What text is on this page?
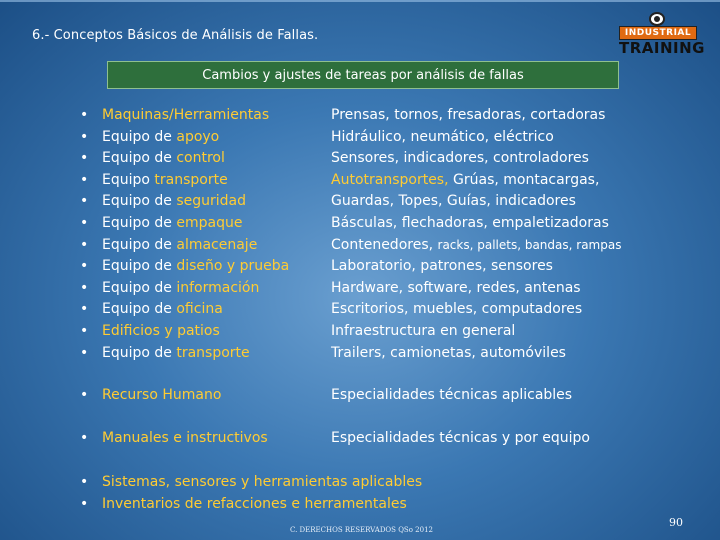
6.- Conceptos Básicos de Análisis de Fallas.	INDUSTRIAL
TRAINING
Cambios y ajustes de tareas por análisis de fallas
•
Maquinas/Herramientas	Prensas, tornos, fresadoras, cortadoras
•
Equipo de apoyo	Hidráulico, neumático, eléctrico
•
Equipo de control	Sensores, indicadores, controladores
•
Equipo transporte	Autotransportes, Grúas, montacargas,
•
Equipo de seguridad	Guardas, Topes, Guías, indicadores
•
Equipo de empaque	Básculas, flechadoras, empaletizadoras
•
Equipo de almacenaje	Contenedores, racks, pallets, bandas, rampas
•
Equipo de diseño y prueba	Laboratorio, patrones, sensores
•
Equipo de información	Hardware, software, redes, antenas
•
Equipo de oficina	Escritorios, muebles, computadores
•
Edificios y patios	Infraestructura en general
•
Equipo de transporte	Trailers, camionetas, automóviles
•
Recurso Humano	Especialidades técnicas aplicables
•
Manuales e instructivos	Especialidades técnicas y por equipo
•
Sistemas, sensores y herramientas aplicables
•
Inventarios de refacciones e herramentales
C. DERECHOS RESERVADOS QSo 2012
90
